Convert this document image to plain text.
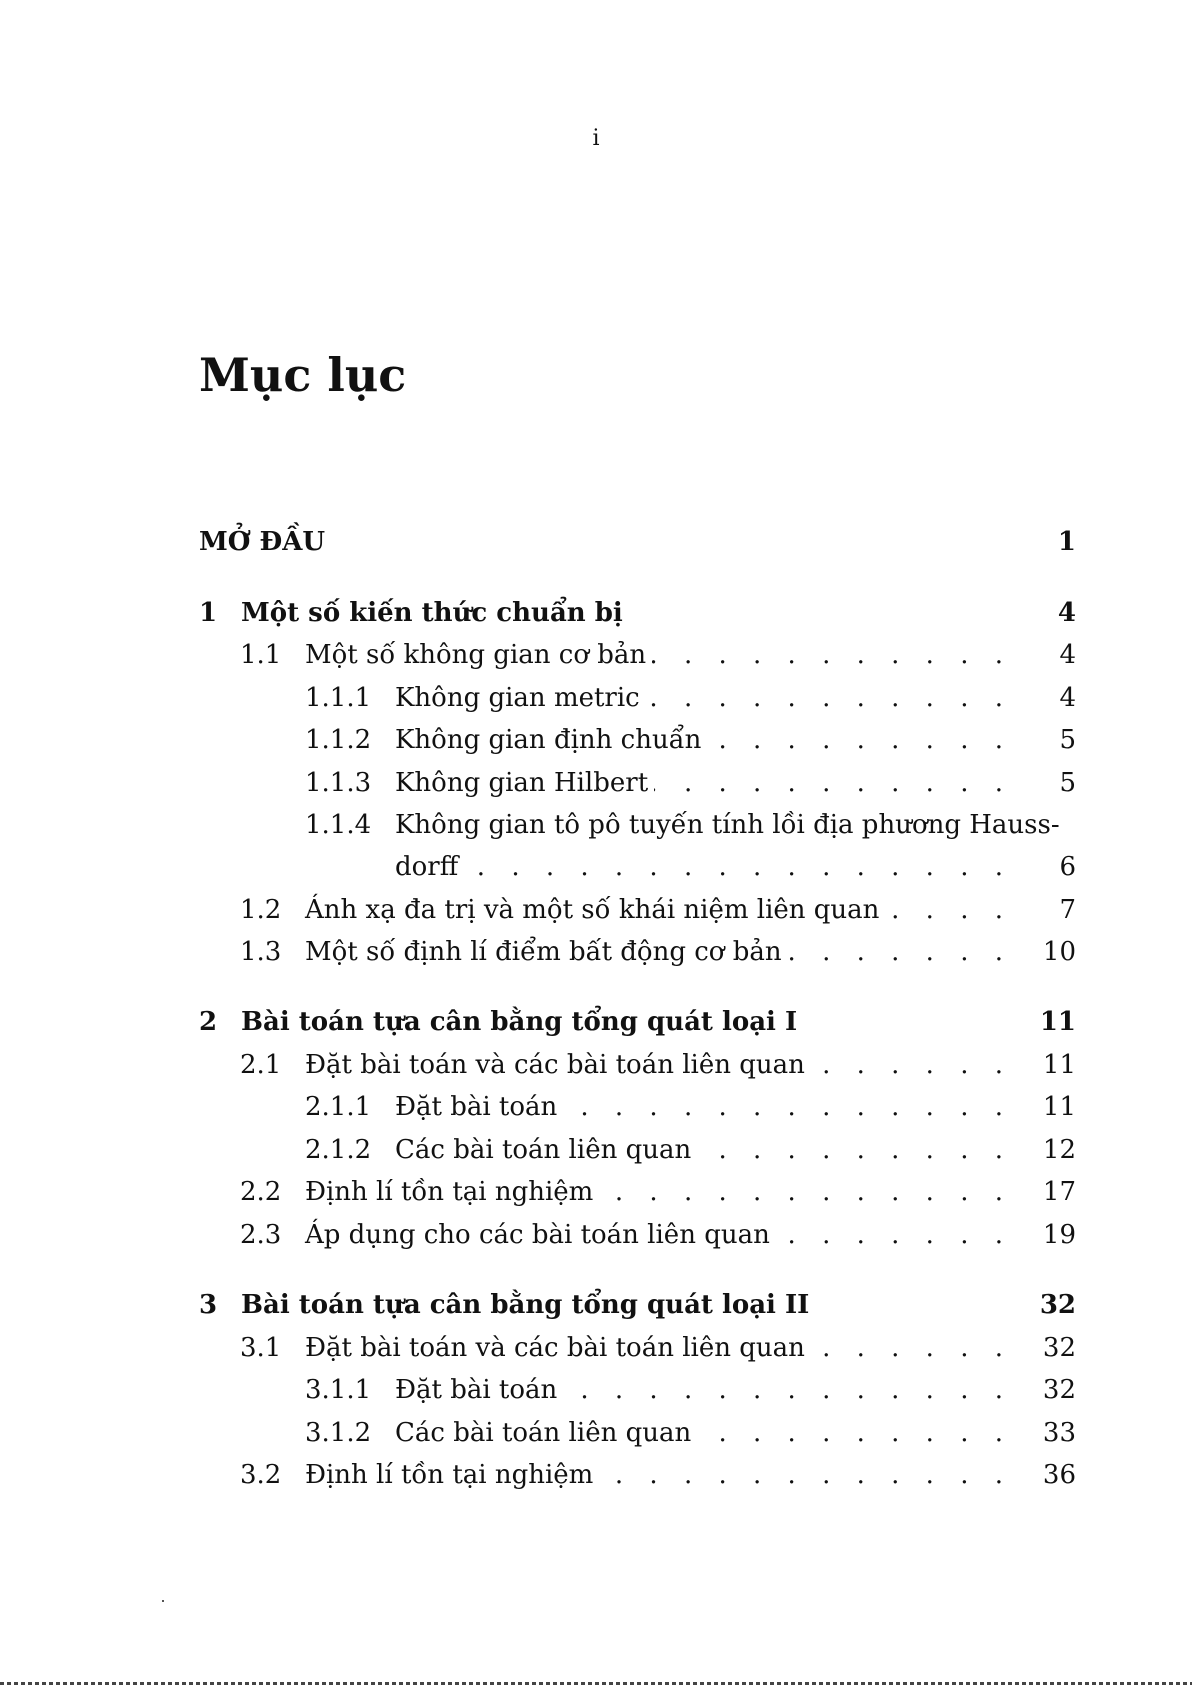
i
Mục lục
MỞ ĐẦU	1
1 Một số kiến thức chuẩn bị	4
1.1 Một số không gian cơ bản . . .	4
1.1.1 Không gian metric . . .	4
1.1.2 Không gian định chuẩn . . .	5
1.1.3 Không gian Hilbert . . .	5
1.1.4 Không gian tô pô tuyến tính lồi địa phương Hauss-
dorff . . .	6
1.2 Ánh xạ đa trị và một số khái niệm liên quan . . .	7
1.3 Một số định lí điểm bất động cơ bản . . .	10
2 Bài toán tựa cân bằng tổng quát loại I	11
2.1 Đặt bài toán và các bài toán liên quan . . .	11
2.1.1 Đặt bài toán . . .	11
2.1.2 Các bài toán liên quan . . .	12
2.2 Định lí tồn tại nghiệm . . .	17
2.3 Áp dụng cho các bài toán liên quan . . .	19
3 Bài toán tựa cân bằng tổng quát loại II	32
3.1 Đặt bài toán và các bài toán liên quan . . .	32
3.1.1 Đặt bài toán . . .	32
3.1.2 Các bài toán liên quan . . .	33
3.2 Định lí tồn tại nghiệm . . .	36
